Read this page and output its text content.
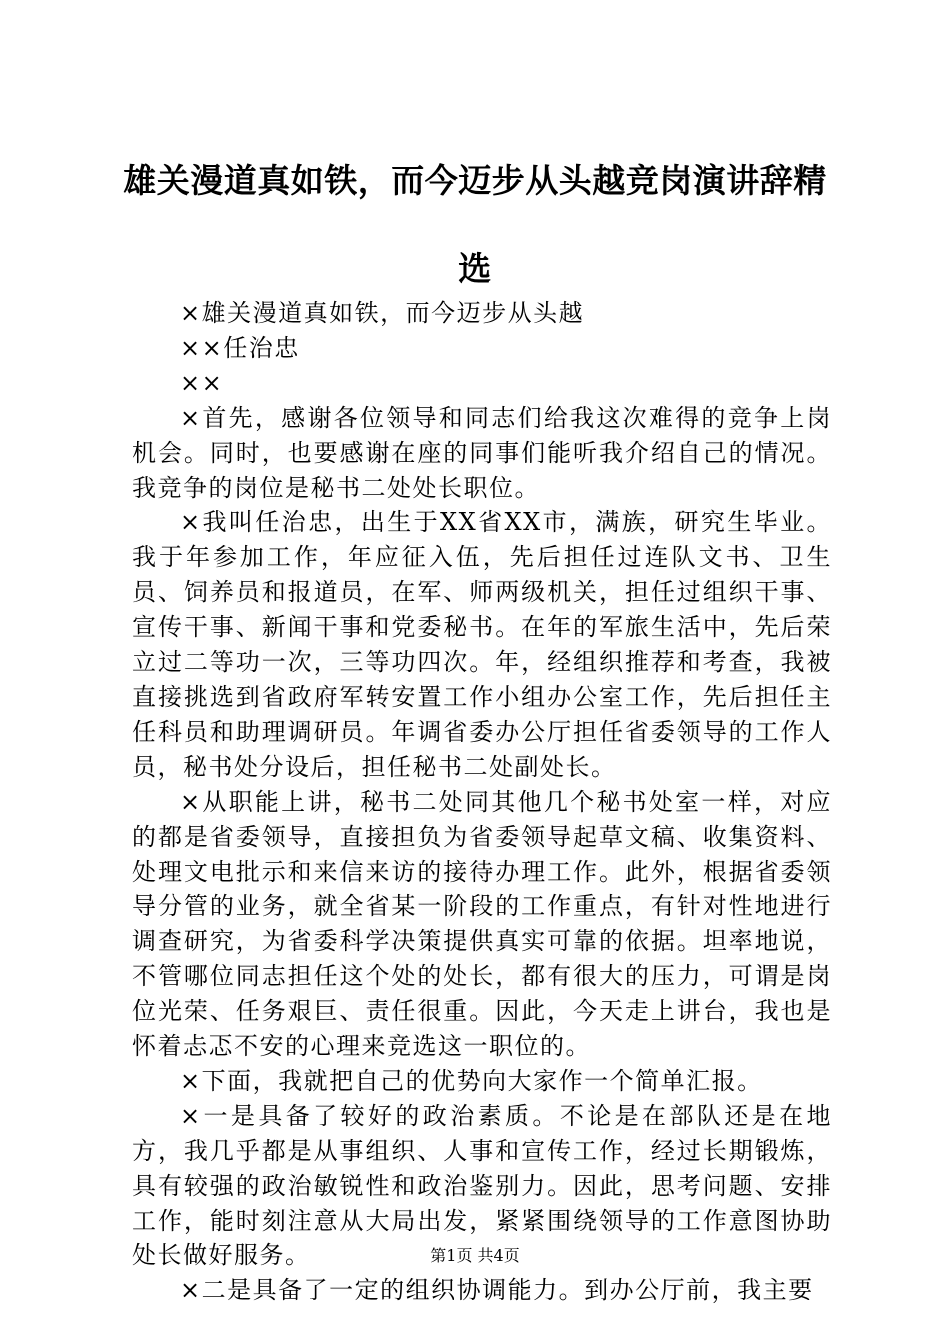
雄关漫道真如铁，而今迈步从头越竞岗演讲辞精选

×雄关漫道真如铁，而今迈步从头越

××任治忠

××

×首先，感谢各位领导和同志们给我这次难得的竞争上岗机会。同时，也要感谢在座的同事们能听我介绍自己的情况。我竞争的岗位是秘书二处处长职位。

×我叫任治忠，出生于XX省XX市，满族，研究生毕业。我于年参加工作，年应征入伍，先后担任过连队文书、卫生员、饲养员和报道员，在军、师两级机关，担任过组织干事、宣传干事、新闻干事和党委秘书。在年的军旅生活中，先后荣立过二等功一次，三等功四次。年，经组织推荐和考查，我被直接挑选到省政府军转安置工作小组办公室工作，先后担任主任科员和助理调研员。年调省委办公厅担任省委领导的工作人员，秘书处分设后，担任秘书二处副处长。

×从职能上讲，秘书二处同其他几个秘书处室一样，对应的都是省委领导，直接担负为省委领导起草文稿、收集资料、处理文电批示和来信来访的接待办理工作。此外，根据省委领导分管的业务，就全省某一阶段的工作重点，有针对性地进行调查研究，为省委科学决策提供真实可靠的依据。坦率地说，不管哪位同志担任这个处的处长，都有很大的压力，可谓是岗位光荣、任务艰巨、责任很重。因此，今天走上讲台，我也是怀着忐忑不安的心理来竞选这一职位的。

×下面，我就把自己的优势向大家作一个简单汇报。

×一是具备了较好的政治素质。不论是在部队还是在地方，我几乎都是从事组织、人事和宣传工作，经过长期锻炼，具有较强的政治敏锐性和政治鉴别力。因此，思考问题、安排工作，能时刻注意从大局出发，紧紧围绕领导的工作意图协助处长做好服务。

×二是具备了一定的组织协调能力。到办公厅前，我主要

第1页 共4页
